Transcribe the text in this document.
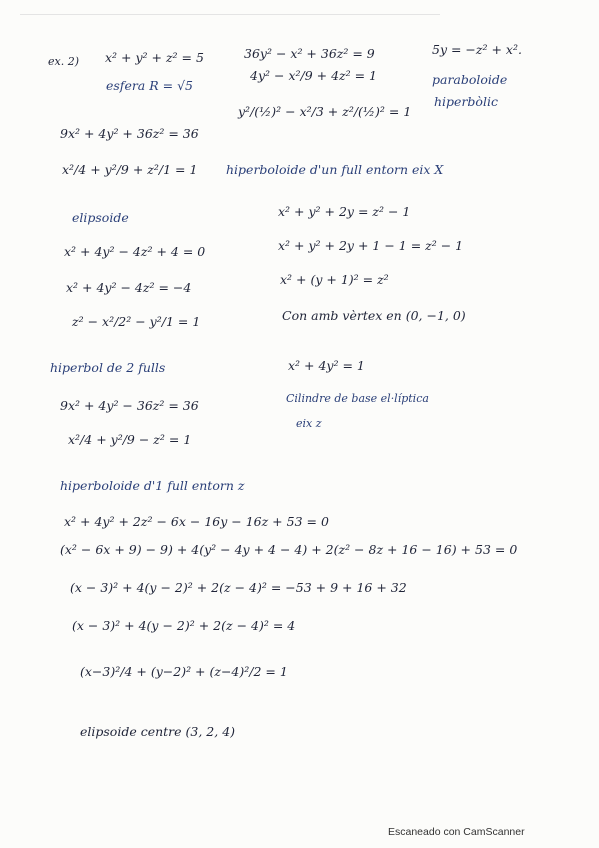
ex. 2) x² + y² + z² = 5
esfera R = √5
9x² + 4y² + 36z² = 36
x²/4 + y²/9 + z²/1 = 1
elipsoide
x² + 4y² − 4z² + 4 = 0
x² + 4y² − 4z² = −4
z² − x²/2² − y²/1 = 1
hiperbol de 2 fulls
9x² + 4y² − 36z² = 36
x²/4 + y²/9 − z² = 1
hiperboloide d'1 full entorn z
36y² − x² + 36z² = 9
4y² − x²/9 + 4z² = 1
y²/(½)² − x²/3 + z²/(½)² = 1
hiperboloide d'un full entorn eix X
x² + y² + 2y = z² − 1
x² + y² + 2y + 1 − 1 = z² − 1
x² + (y + 1)² = z²
Con amb vèrtex en (0, −1, 0)
x² + 4y² = 1
Cilindre de base el·líptica
eix z
5y = −z² + x².
paraboloide
hiperbòlic
x² + 4y² + 2z² − 6x − 16y − 16z + 53 = 0
(x² − 6x + 9) − 9) + 4(y² − 4y + 4 − 4) + 2(z² − 8z + 16 − 16) + 53 = 0
(x − 3)² + 4(y − 2)² + 2(z − 4)² = −53 + 9 + 16 + 32
(x − 3)² + 4(y − 2)² + 2(z − 4)² = 4
(x−3)²/4 + (y−2)² + (z−4)²/2 = 1
elipsoide centre (3, 2, 4)
Escaneado con CamScanner
